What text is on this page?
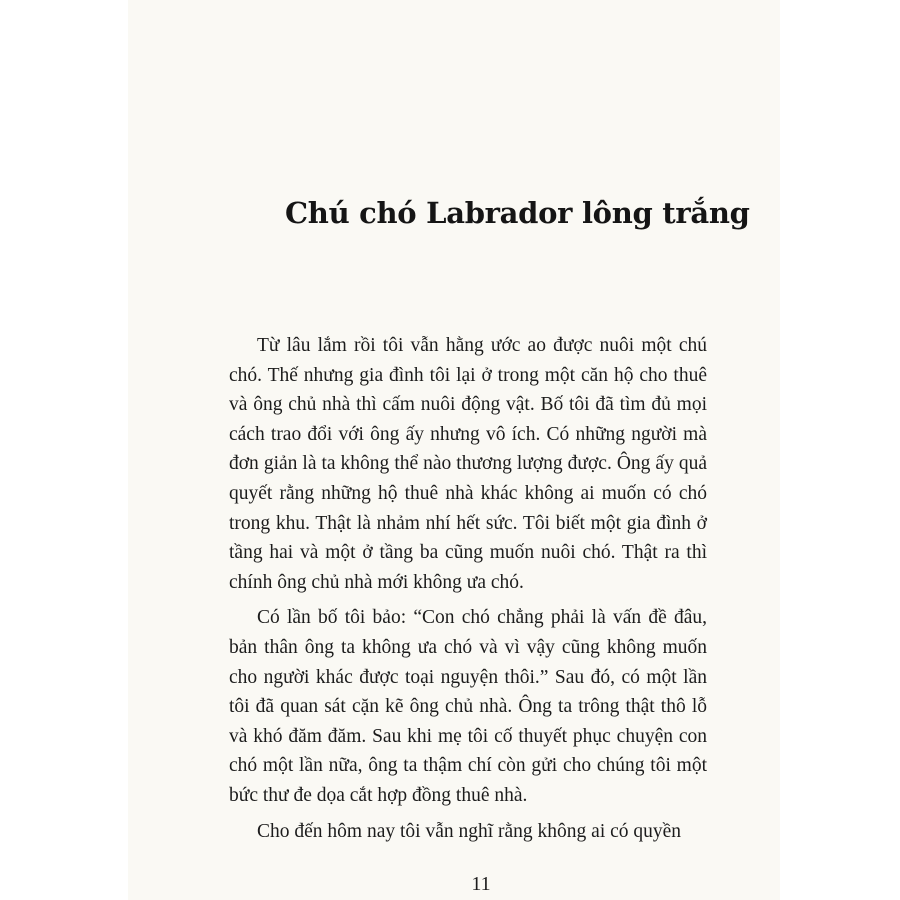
Chú chó Labrador lông trắng

Từ lâu lắm rồi tôi vẫn hằng ước ao được nuôi một chú chó. Thế nhưng gia đình tôi lại ở trong một căn hộ cho thuê và ông chủ nhà thì cấm nuôi động vật. Bố tôi đã tìm đủ mọi cách trao đổi với ông ấy nhưng vô ích. Có những người mà đơn giản là ta không thể nào thương lượng được. Ông ấy quả quyết rằng những hộ thuê nhà khác không ai muốn có chó trong khu. Thật là nhảm nhí hết sức. Tôi biết một gia đình ở tầng hai và một ở tầng ba cũng muốn nuôi chó. Thật ra thì chính ông chủ nhà mới không ưa chó.

Có lần bố tôi bảo: “Con chó chẳng phải là vấn đề đâu, bản thân ông ta không ưa chó và vì vậy cũng không muốn cho người khác được toại nguyện thôi.” Sau đó, có một lần tôi đã quan sát cặn kẽ ông chủ nhà. Ông ta trông thật thô lỗ và khó đăm đăm. Sau khi mẹ tôi cố thuyết phục chuyện con chó một lần nữa, ông ta thậm chí còn gửi cho chúng tôi một bức thư đe dọa cắt hợp đồng thuê nhà.

Cho đến hôm nay tôi vẫn nghĩ rằng không ai có quyền

11
